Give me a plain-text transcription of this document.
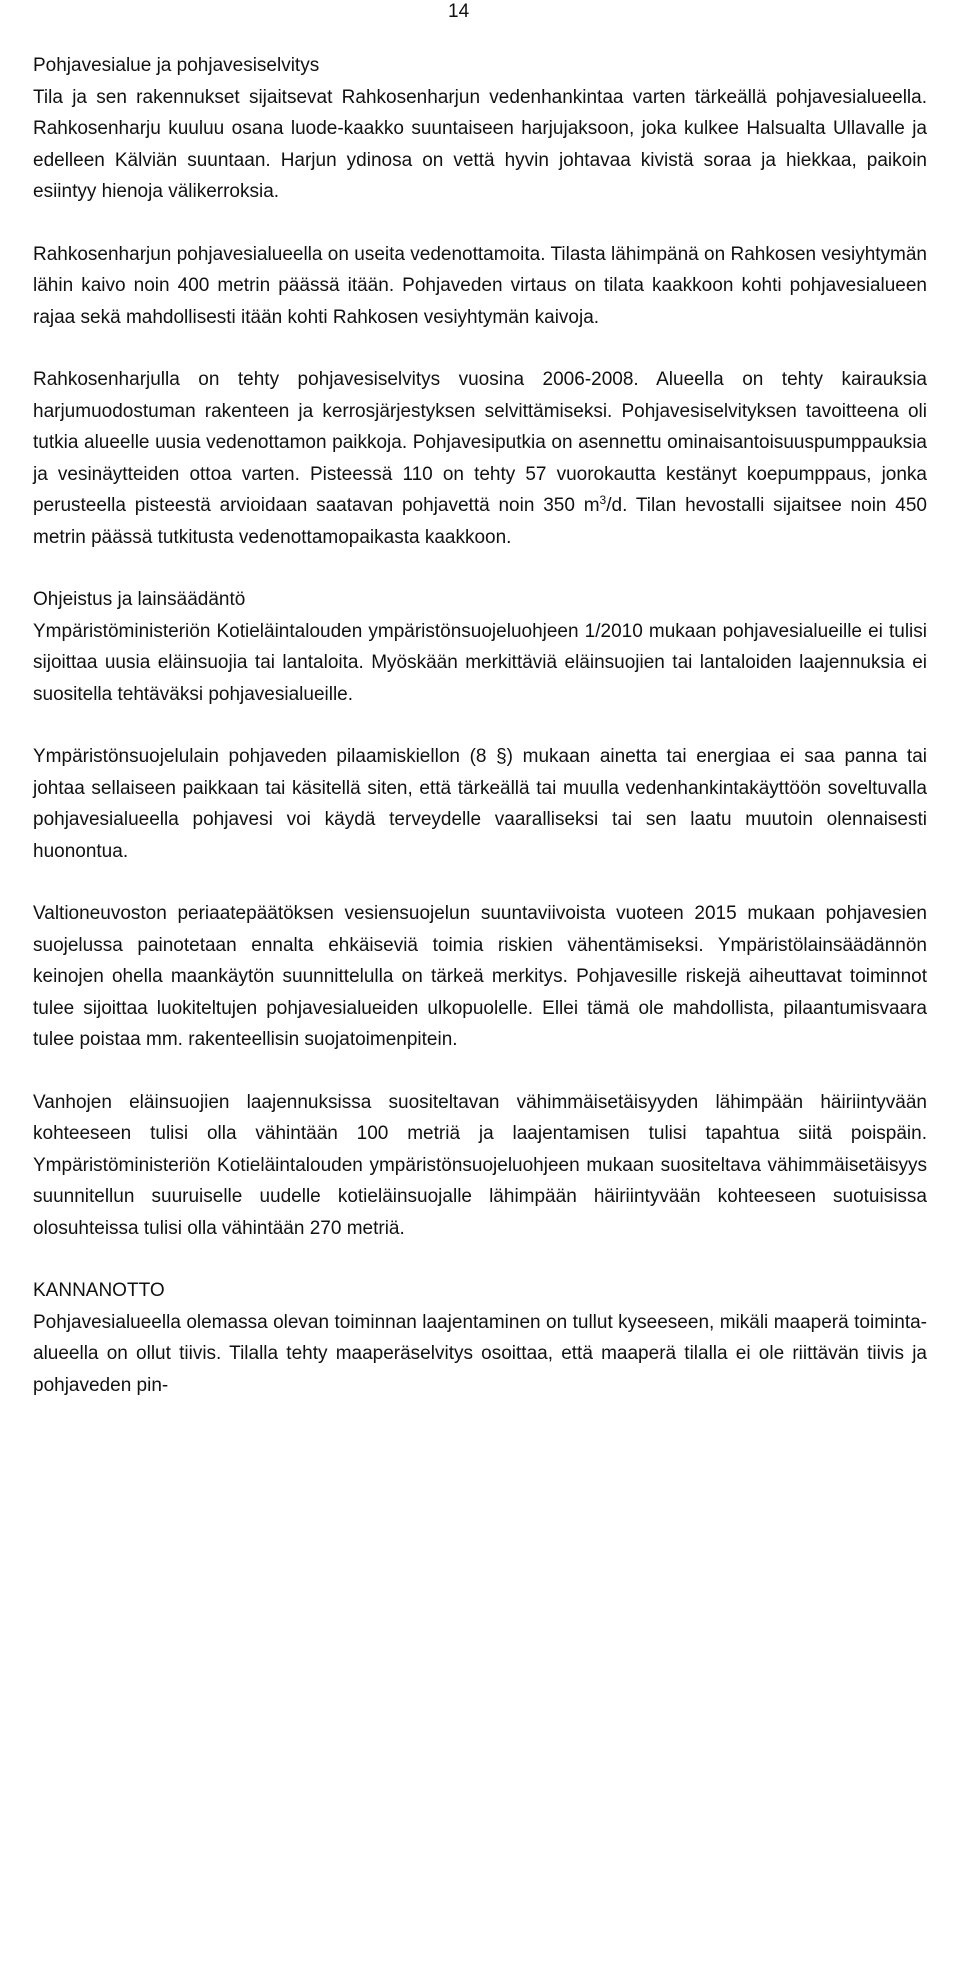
14
Pohjavesialue ja pohjavesiselvitys

Tila ja sen rakennukset sijaitsevat Rahkosenharjun vedenhankintaa varten tärkeällä pohjavesialueella. Rahkosenharju kuuluu osana luode-kaakko suuntaiseen harjujaksoon, joka kulkee Halsualta Ullavalle ja edelleen Kälviän suuntaan. Harjun ydinosa on vettä hyvin johtavaa kivistä soraa ja hiekkaa, paikoin esiintyy hienoja välikerroksia.

Rahkosenharjun pohjavesialueella on useita vedenottamoita. Tilasta lähimpänä on Rahkosen vesiyhtymän lähin kaivo noin 400 metrin päässä itään. Pohjaveden virtaus on tilata kaakkoon kohti pohjavesialueen rajaa sekä mahdollisesti itään kohti Rahkosen vesiyhtymän kaivoja.

Rahkosenharjulla on tehty pohjavesiselvitys vuosina 2006-2008. Alueella on tehty kairauksia harjumuodostuman rakenteen ja kerrosjärjestyksen selvittämiseksi. Pohjavesiselvityksen tavoitteena oli tutkia alueelle uusia vedenottamon paikkoja. Pohjavesiputkia on asennettu ominaisantoisuuspumppauksia ja vesinäytteiden ottoa varten. Pisteessä 110 on tehty 57 vuorokautta kestänyt koepumppaus, jonka perusteella pisteestä arvioidaan saatavan pohjavettä noin 350 $m^3/d$. Tilan hevostalli sijaitsee noin 450 metrin päässä tutkitusta vedenottamopaikasta kaakkoon.

Ohjeistus ja lainsäädäntö

Ympäristöministeriön Kotieläintalouden ympäristönsuojeluohjeen 1/2010 mukaan pohjavesialueille ei tulisi sijoittaa uusia eläinsuojia tai lantaloita. Myöskään merkittäviä eläinsuojien tai lantaloiden laajennuksia ei suositella tehtäväksi pohjavesialueille.

Ympäristönsuojelulain pohjaveden pilaamiskiellon (8 §) mukaan ainetta tai energiaa ei saa panna tai johtaa sellaiseen paikkaan tai käsitellä siten, että tärkeällä tai muulla vedenhankintakäyttöön soveltuvalla pohjavesialueella pohjavesi voi käydä terveydelle vaaralliseksi tai sen laatu muutoin olennaisesti huonontua.

Valtioneuvoston periaatepäätöksen vesiensuojelun suuntaviivoista vuoteen 2015 mukaan pohjavesien suojelussa painotetaan ennalta ehkäiseviä toimia riskien vähentämiseksi. Ympäristölainsäädännön keinojen ohella maankäytön suunnittelulla on tärkeä merkitys. Pohjavesille riskejä aiheuttavat toiminnot tulee sijoittaa luokiteltujen pohjavesialueiden ulkopuolelle. Ellei tämä ole mahdollista, pilaantumisvaara tulee poistaa mm. rakenteellisin suojatoimenpitein.

Vanhojen eläinsuojien laajennuksissa suositeltavan vähimmäisetäisyyden lähimpään häiriintyvään kohteeseen tulisi olla vähintään 100 metriä ja laajentamisen tulisi tapahtua siitä poispäin. Ympäristöministeriön Kotieläintalouden ympäristönsuojeluohjeen mukaan suositeltava vähimmäisetäisyys suunnitellun suuruiselle uudelle kotieläinsuojalle lähimpään häiriintyvään kohteeseen suotuisissa olosuhteissa tulisi olla vähintään 270 metriä.

KANNANOTTO

Pohjavesialueella olemassa olevan toiminnan laajentaminen on tullut kyseeseen, mikäli maaperä toiminta-alueella on ollut tiivis. Tilalla tehty maaperäselvitys osoittaa, että maaperä tilalla ei ole riittävän tiivis ja pohjaveden pin-
